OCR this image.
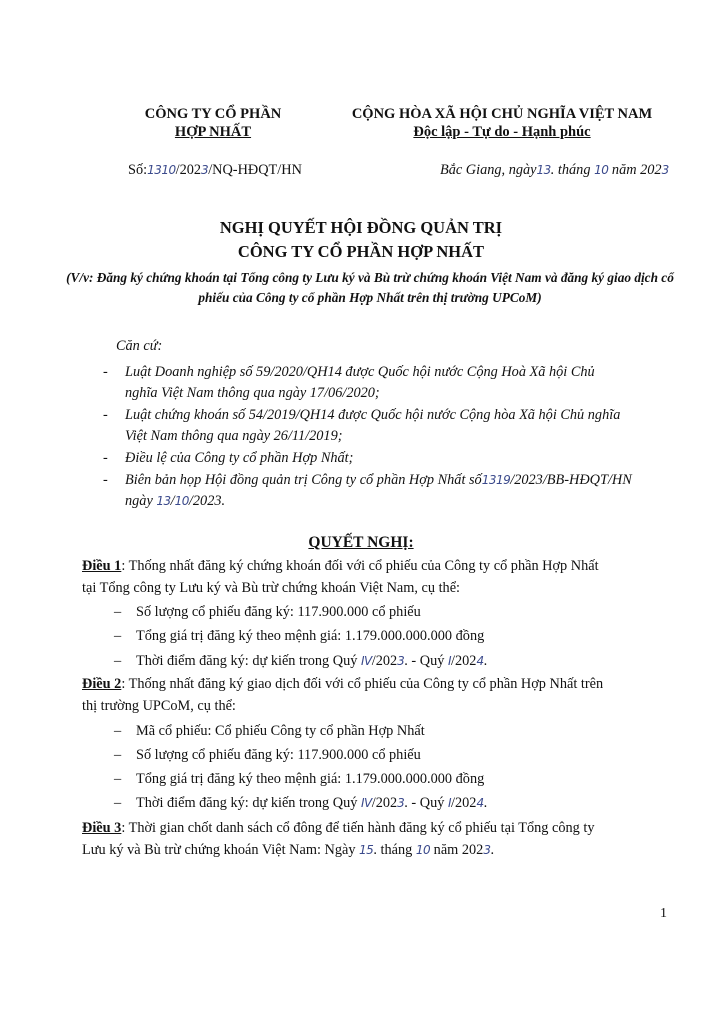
CÔNG TY CỔ PHẦN
HỢP NHẤT
CỘNG HÒA XÃ HỘI CHỦ NGHĨA VIỆT NAM
Độc lập - Tự do - Hạnh phúc
Số:1310/2023/NQ-HĐQT/HN	Bắc Giang, ngày13. tháng 10 năm 2023
NGHỊ QUYẾT HỘI ĐỒNG QUẢN TRỊ
CÔNG TY CỔ PHẦN HỢP NHẤT
(V/v: Đăng ký chứng khoán tại Tổng công ty Lưu ký và Bù trừ chứng khoán Việt Nam và đăng ký giao dịch cổ phiếu của Công ty cổ phần Hợp Nhất trên thị trường UPCoM)
Căn cứ:
- Luật Doanh nghiệp số 59/2020/QH14 được Quốc hội nước Cộng Hoà Xã hội Chủ
nghĩa Việt Nam thông qua ngày 17/06/2020;
- Luật chứng khoán số 54/2019/QH14 được Quốc hội nước Cộng hòa Xã hội Chủ nghĩa
Việt Nam thông qua ngày 26/11/2019;
- Điều lệ của Công ty cổ phần Hợp Nhất;
- Biên bản họp Hội đồng quản trị Công ty cổ phần Hợp Nhất số1319/2023/BB-HĐQT/HN
ngày 13/10/2023.
QUYẾT NGHỊ:
Điều 1: Thống nhất đăng ký chứng khoán đối với cổ phiếu của Công ty cổ phần Hợp Nhất
tại Tổng công ty Lưu ký và Bù trừ chứng khoán Việt Nam, cụ thể:
– Số lượng cổ phiếu đăng ký: 117.900.000 cổ phiếu
– Tổng giá trị đăng ký theo mệnh giá: 1.179.000.000.000 đồng
– Thời điểm đăng ký: dự kiến trong Quý IV/2023. - Quý I/2024.
Điều 2: Thống nhất đăng ký giao dịch đối với cổ phiếu của Công ty cổ phần Hợp Nhất trên
thị trường UPCoM, cụ thể:
– Mã cổ phiếu: Cổ phiếu Công ty cổ phần Hợp Nhất
– Số lượng cổ phiếu đăng ký: 117.900.000 cổ phiếu
– Tổng giá trị đăng ký theo mệnh giá: 1.179.000.000.000 đồng
– Thời điểm đăng ký: dự kiến trong Quý IV/2023. - Quý I/2024.
Điều 3: Thời gian chốt danh sách cổ đông để tiến hành đăng ký cổ phiếu tại Tổng công ty
Lưu ký và Bù trừ chứng khoán Việt Nam: Ngày 15. tháng 10 năm 2023.
1
